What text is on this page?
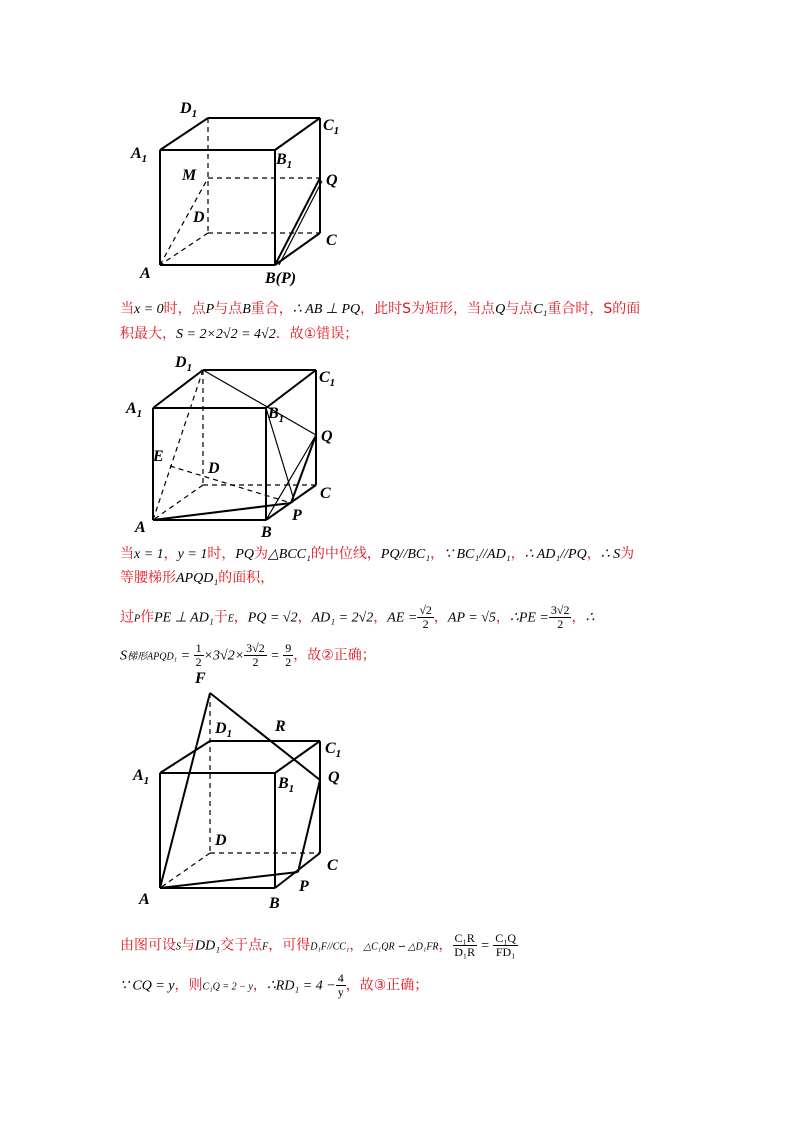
$D_1$
$C_1$
$A_1$	$B_1$
M	Q
D
C
A	B(P)
$D_1$
$C_1$
$A_1$	$B_1$
Q
E
D
C
P
A	B
F
$D_1$	R
$C_1$
$A_1$	$B_1$
Q
D
C
P
A	B
当x = 0时，点P与点B重合，∴ AB ⊥ PQ，此时S为矩形，当点Q与点C₁重合时，S的面
积最大，S = 2×2√2 = 4√2．故①错误；
当x = 1，y = 1时，PQ为△BCC₁的中位线，PQ//BC₁，∵ BC₁//AD₁，∴ AD₁//PQ，∴ S为
等腰梯形APQD₁的面积，
过P作PE ⊥ AD₁于E，PQ = √2，AD₁ = 2√2，AE = $\frac{√2}{2}$ ，AP = √5，∴PE = $\frac{3√2}{2}$ ，∴
S梯形APQD₁ = $\frac{1}{2} \times 3√2\times \frac{3√2}{2} = \frac{9}{2}$ ，故②正确；
由图可设S与DD₁交于点F，可得D₁F//CC₁，△C₁QR ∽ △D₁FR， $\frac{\text{C₁R}}{\text{D₁R}} = \frac{\text{C₁Q}}{\text{FD₁}}$
∵ CQ = y，则C₁Q = 2 − y，∴RD₁ = $4 - \frac{4}{y}$ ，故③正确；
